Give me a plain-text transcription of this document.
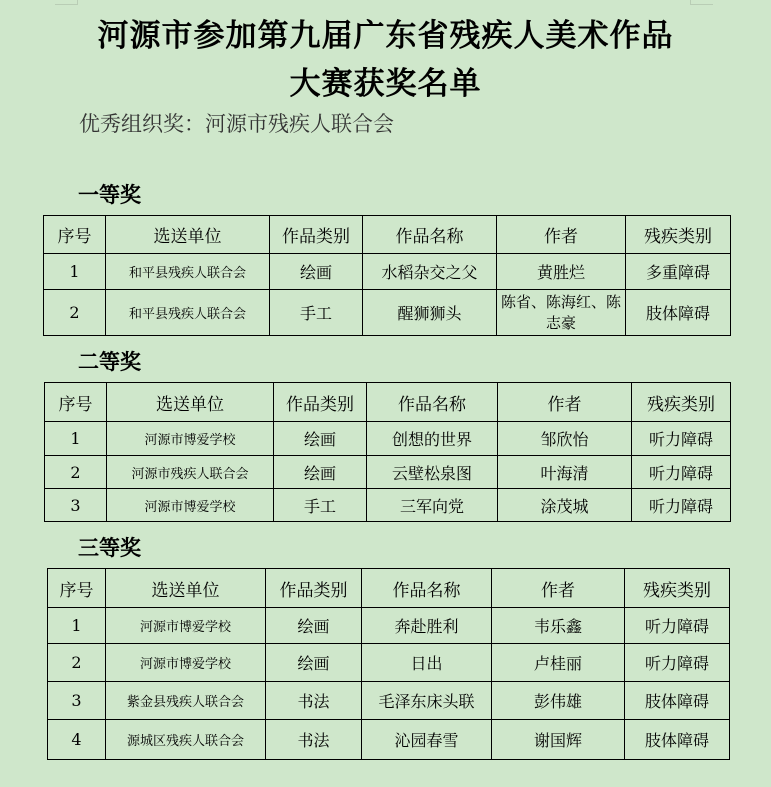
河源市参加第九届广东省残疾人美术作品
大赛获奖名单
优秀组织奖：河源市残疾人联合会
一等奖
序号	选送单位	作品类别	作品名称	作者	残疾类别
1	和平县残疾人联合会	绘画	水稻杂交之父	黄胜烂	多重障碍
2	和平县残疾人联合会	手工	醒狮狮头	陈省、陈海红、陈志豪	肢体障碍
二等奖
序号	选送单位	作品类别	作品名称	作者	残疾类别
1	河源市博爱学校	绘画	创想的世界	邹欣怡	听力障碍
2	河源市残疾人联合会	绘画	云壁松泉图	叶海清	听力障碍
3	河源市博爱学校	手工	三军向党	涂茂城	听力障碍
三等奖
序号	选送单位	作品类别	作品名称	作者	残疾类别
1	河源市博爱学校	绘画	奔赴胜利	韦乐鑫	听力障碍
2	河源市博爱学校	绘画	日出	卢桂丽	听力障碍
3	紫金县残疾人联合会	书法	毛泽东床头联	彭伟雄	肢体障碍
4	源城区残疾人联合会	书法	沁园春雪	谢国辉	肢体障碍
